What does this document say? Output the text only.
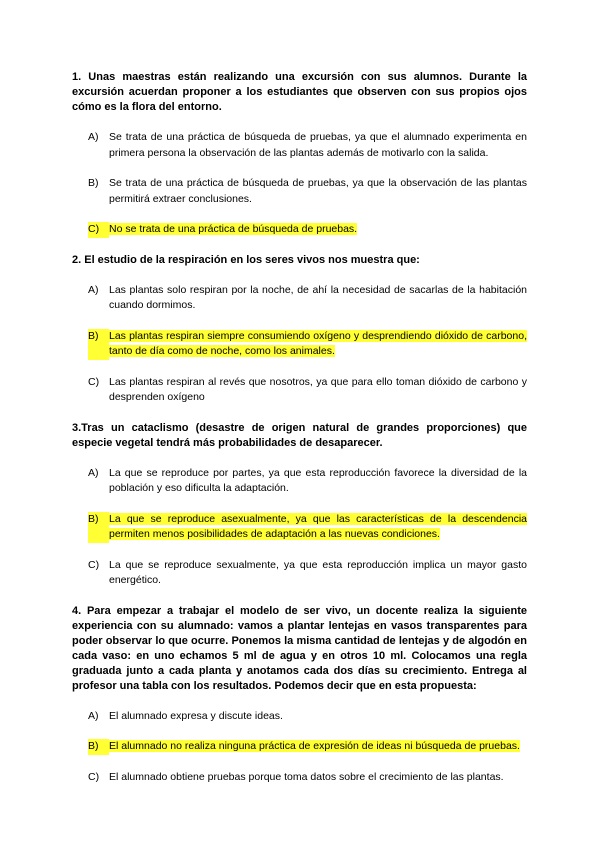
1. Unas maestras están realizando una excursión con sus alumnos. Durante la excursión acuerdan proponer a los estudiantes que observen con sus propios ojos cómo es la flora del entorno.

A)	Se trata de una práctica de búsqueda de pruebas, ya que el alumnado experimenta en primera persona la observación de las plantas además de motivarlo con la salida.
B)	Se trata de una práctica de búsqueda de pruebas, ya que la observación de las plantas permitirá extraer conclusiones.
C) No se trata de una práctica de búsqueda de pruebas.

2. El estudio de la respiración en los seres vivos nos muestra que:

A)	Las plantas solo respiran por la noche, de ahí la necesidad de sacarlas de la habitación cuando dormimos.
B)	Las plantas respiran siempre consumiendo oxígeno y desprendiendo dióxido de carbono, tanto de día como de noche, como los animales.
C) Las plantas respiran al revés que nosotros, ya que para ello toman dióxido de carbono y desprenden oxígeno

3.Tras un cataclismo (desastre de origen natural de grandes proporciones) que especie vegetal tendrá más probabilidades de desaparecer.

A)	La que se reproduce por partes, ya que esta reproducción favorece la diversidad de la población y eso dificulta la adaptación.
B)	La que se reproduce asexualmente, ya que las características de la descendencia permiten menos posibilidades de adaptación a las nuevas condiciones.
C) La que se reproduce sexualmente, ya que esta reproducción implica un mayor gasto energético.

4. Para empezar a trabajar el modelo de ser vivo, un docente realiza la siguiente experiencia con su alumnado: vamos a plantar lentejas en vasos transparentes para poder observar lo que ocurre. Ponemos la misma cantidad de lentejas y de algodón en cada vaso: en uno echamos 5 ml de agua y en otros 10 ml. Colocamos una regla graduada junto a cada planta y anotamos cada dos días su crecimiento. Entrega al profesor una tabla con los resultados. Podemos decir que en esta propuesta:

A)	El alumnado expresa y discute ideas.
B)	El alumnado no realiza ninguna práctica de expresión de ideas ni búsqueda de pruebas.
C) El alumnado obtiene pruebas porque toma datos sobre el crecimiento de las plantas.
